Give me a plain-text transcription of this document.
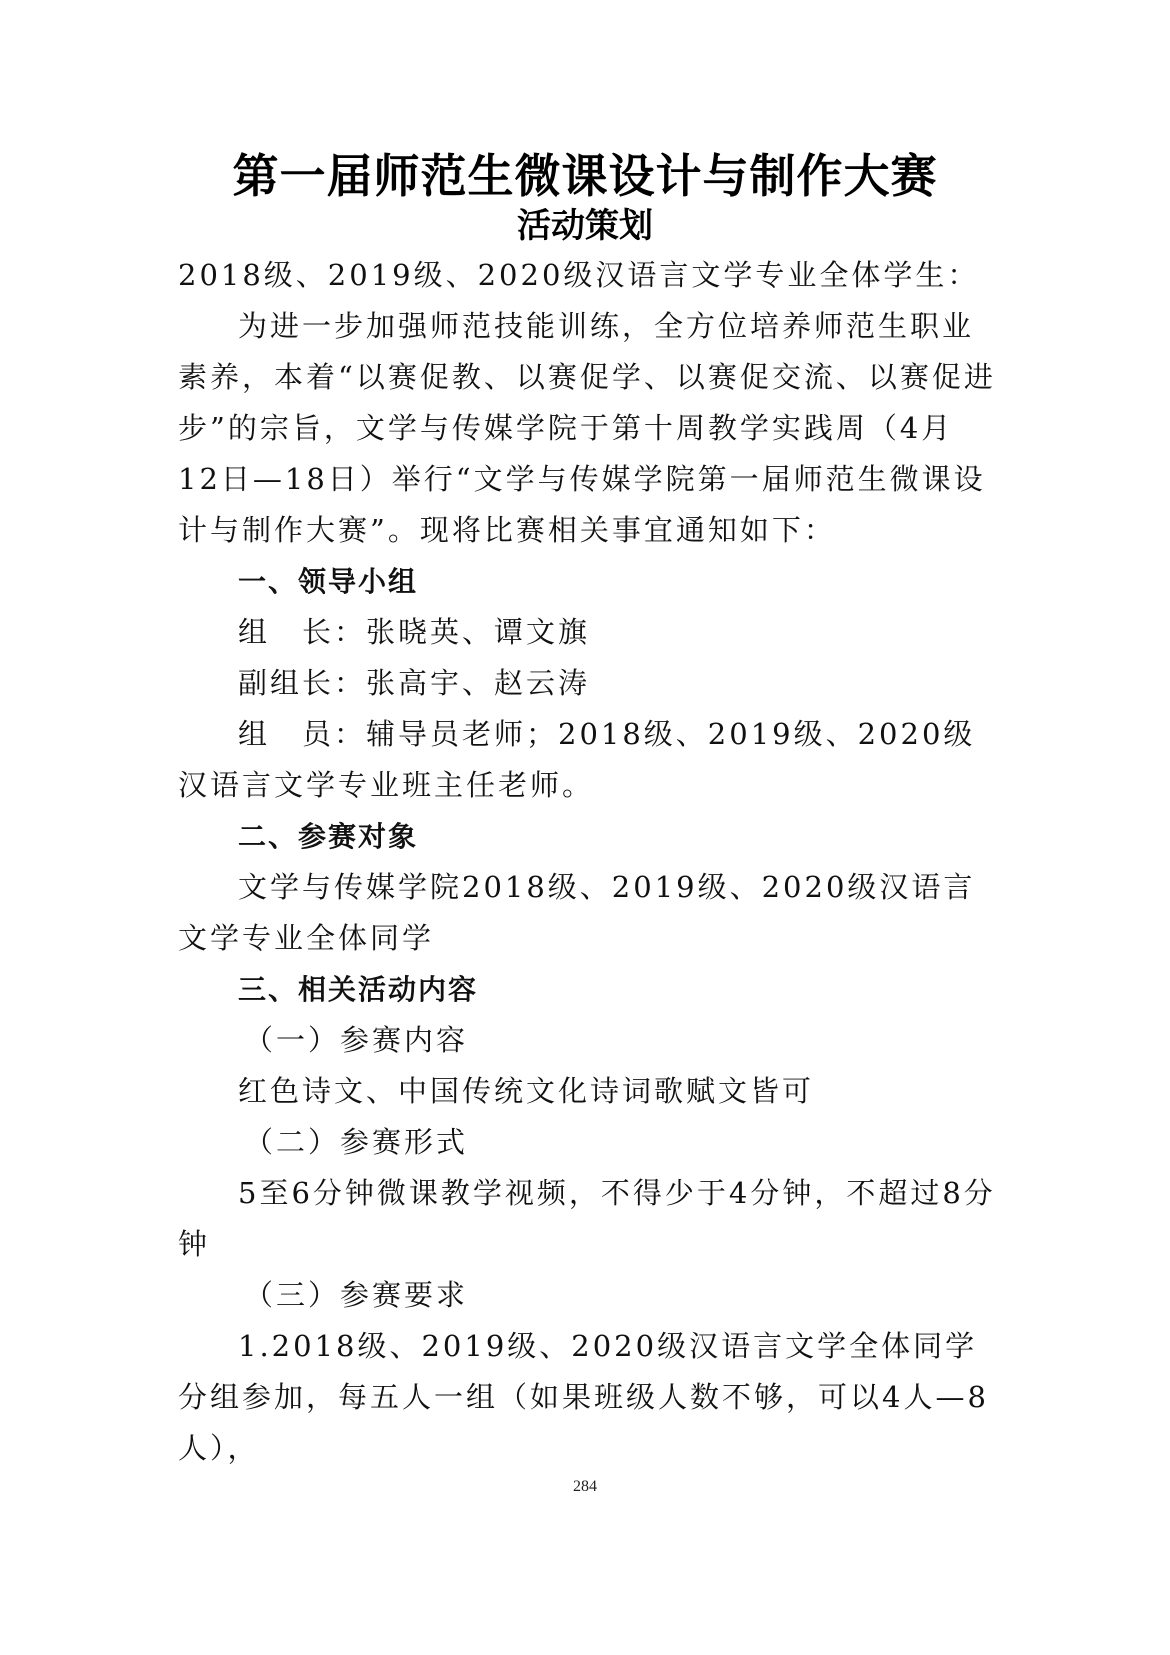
第一届师范生微课设计与制作大赛
活动策划

2018级、2019级、2020级汉语言文学专业全体学生：

为进一步加强师范技能训练，全方位培养师范生职业素养，本着“以赛促教、以赛促学、以赛促交流、以赛促进步”的宗旨，文学与传媒学院于第十周教学实践周（4月12日—18日）举行“文学与传媒学院第一届师范生微课设计与制作大赛”。现将比赛相关事宜通知如下：

一、领导小组

组　长：张晓英、谭文旗

副组长：张高宇、赵云涛

组　员：辅导员老师；2018级、2019级、2020级汉语言文学专业班主任老师。

二、参赛对象

文学与传媒学院2018级、2019级、2020级汉语言文学专业全体同学

三、相关活动内容

（一）参赛内容

红色诗文、中国传统文化诗词歌赋文皆可

（二）参赛形式

5至6分钟微课教学视频，不得少于4分钟，不超过8分钟

（三）参赛要求

1.2018级、2019级、2020级汉语言文学全体同学分组参加，每五人一组（如果班级人数不够，可以4人—8人），

284
